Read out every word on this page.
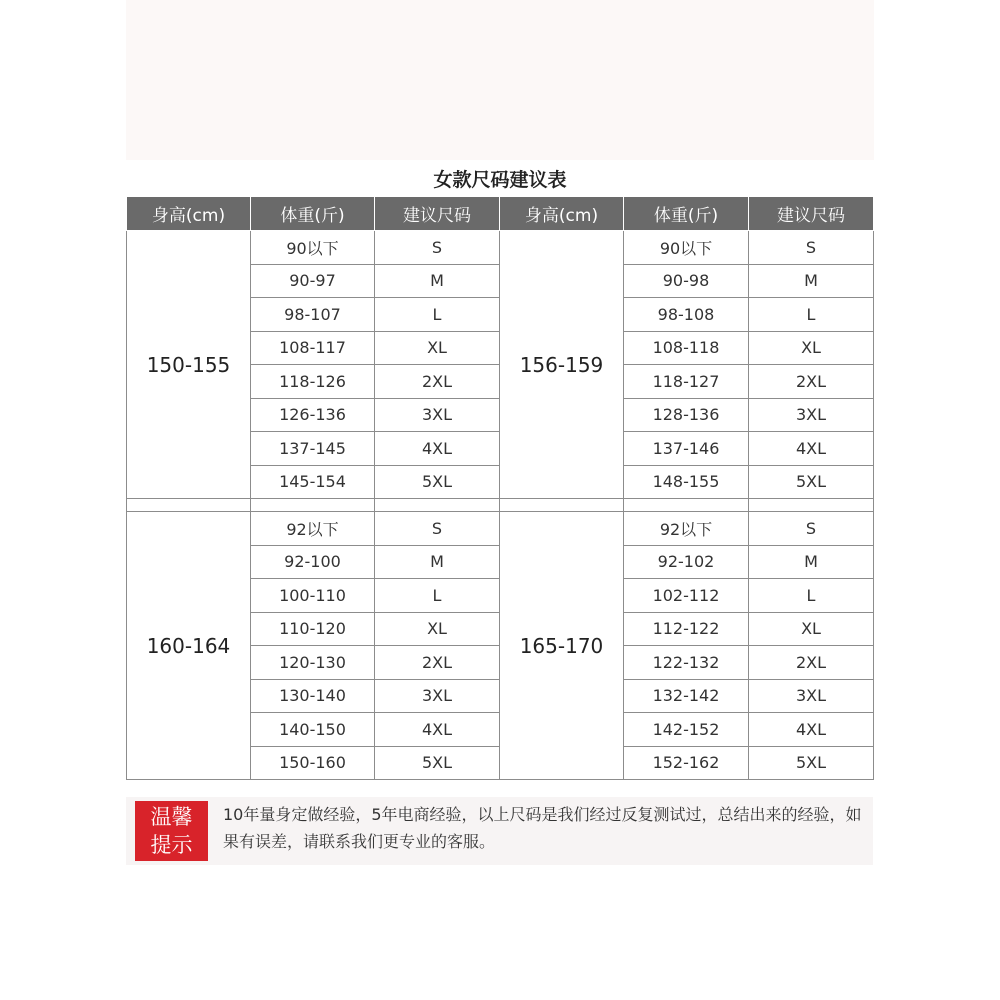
女款尺码建议表
身高(cm)	体重(斤)	建议尺码	身高(cm)	体重(斤)	建议尺码
150-155	90以下	S	156-159	90以下	S
	90-97	M		90-98	M
	98-107	L		98-108	L
	108-117	XL		108-118	XL
	118-126	2XL		118-127	2XL
	126-136	3XL		128-136	3XL
	137-145	4XL		137-146	4XL
	145-154	5XL		148-155	5XL

160-164	92以下	S	165-170	92以下	S
	92-100	M		92-102	M
	100-110	L		102-112	L
	110-120	XL		112-122	XL
	120-130	2XL		122-132	2XL
	130-140	3XL		132-142	3XL
	140-150	4XL		142-152	4XL
	150-160	5XL		152-162	5XL
温馨
提示
10年量身定做经验，5年电商经验，以上尺码是我们经过反复测试过，总结出来的经验，如果有误差，请联系我们更专业的客服。
